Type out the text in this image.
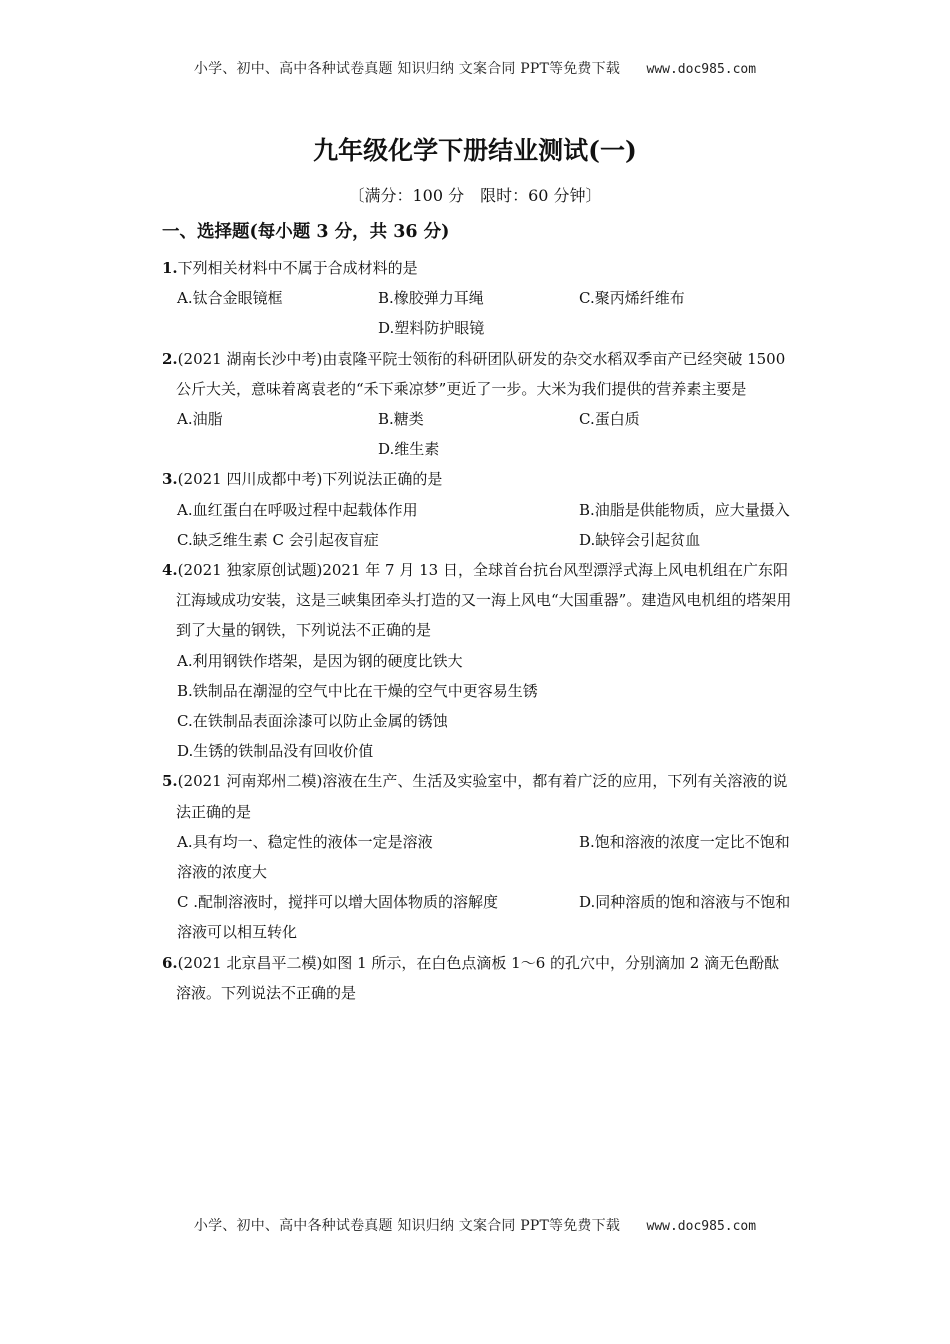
小学、初中、高中各种试卷真题 知识归纳 文案合同 PPT等免费下载 www.doc985.com
九年级化学下册结业测试(一)
〔满分：100 分　限时：60 分钟〕
一、选择题(每小题 3 分，共 36 分)

1.下列相关材料中不属于合成材料的是

A.钛合金眼镜框	B.橡胶弹力耳绳	C.聚丙烯纤维布
D.塑料防护眼镜

2.(2021 湖南长沙中考)由袁隆平院士领衔的科研团队研发的杂交水稻双季亩产已经突破 1500 公斤大关，意味着离袁老的“禾下乘凉梦”更近了一步。大米为我们提供的营养素主要是

A.油脂	B.糖类	C.蛋白质
D.维生素

3.(2021 四川成都中考)下列说法正确的是

A.血红蛋白在呼吸过程中起载体作用	B.油脂是供能物质，应大量摄入

C.缺乏维生素 C 会引起夜盲症	D.缺锌会引起贫血

4.(2021 独家原创试题)2021 年 7 月 13 日，全球首台抗台风型漂浮式海上风电机组在广东阳江海域成功安装，这是三峡集团牵头打造的又一海上风电“大国重器”。建造风电机组的塔架用到了大量的钢铁，下列说法不正确的是

A.利用钢铁作塔架，是因为钢的硬度比铁大

B.铁制品在潮湿的空气中比在干燥的空气中更容易生锈

C.在铁制品表面涂漆可以防止金属的锈蚀

D.生锈的铁制品没有回收价值

5.(2021 河南郑州二模)溶液在生产、生活及实验室中，都有着广泛的应用，下列有关溶液的说法正确的是

A.具有均一、稳定性的液体一定是溶液	B.饱和溶液的浓度一定比不饱和溶液的浓度大

C .配制溶液时，搅拌可以增大固体物质的溶解度	D.同种溶质的饱和溶液与不饱和溶液可以相互转化

6.(2021 北京昌平二模)如图 1 所示，在白色点滴板 1～6 的孔穴中，分别滴加 2 滴无色酚酞溶液。下列说法不正确的是

小学、初中、高中各种试卷真题 知识归纳 文案合同 PPT等免费下载 www.doc985.com
